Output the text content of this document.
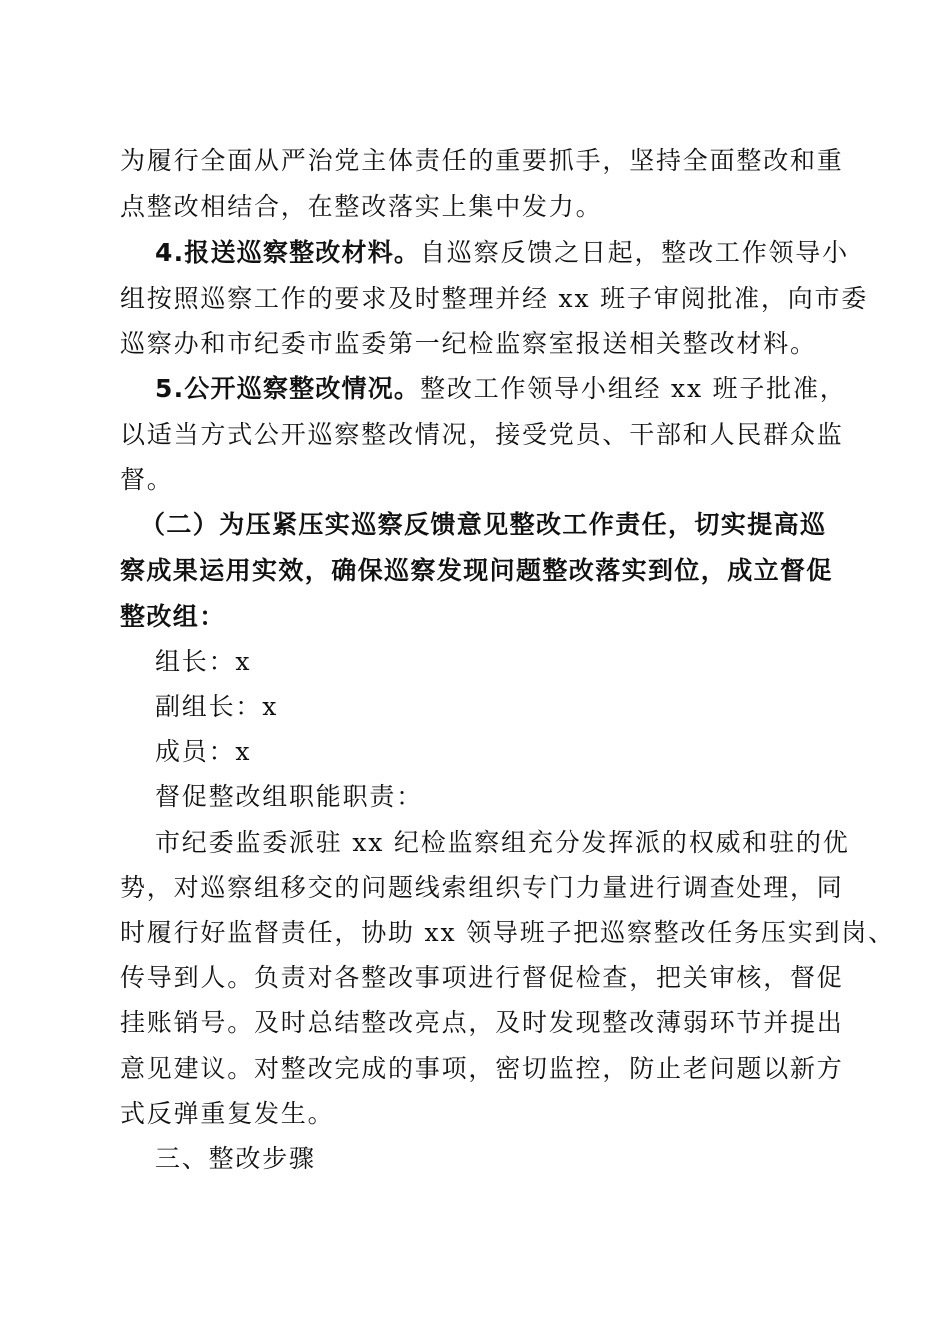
为履行全面从严治党主体责任的重要抓手，坚持全面整改和重
点整改相结合，在整改落实上集中发力。
4.报送巡察整改材料。自巡察反馈之日起，整改工作领导小
组按照巡察工作的要求及时整理并经 xx 班子审阅批准，向市委
巡察办和市纪委市监委第一纪检监察室报送相关整改材料。
5.公开巡察整改情况。整改工作领导小组经 xx 班子批准，
以适当方式公开巡察整改情况，接受党员、干部和人民群众监
督。
（二）为压紧压实巡察反馈意见整改工作责任，切实提高巡
察成果运用实效，确保巡察发现问题整改落实到位，成立督促
整改组：
组长：x
副组长：x
成员：x
督促整改组职能职责：
市纪委监委派驻 xx 纪检监察组充分发挥派的权威和驻的优
势，对巡察组移交的问题线索组织专门力量进行调查处理，同
时履行好监督责任，协助 xx 领导班子把巡察整改任务压实到岗、
传导到人。负责对各整改事项进行督促检查，把关审核，督促
挂账销号。及时总结整改亮点，及时发现整改薄弱环节并提出
意见建议。对整改完成的事项，密切监控，防止老问题以新方
式反弹重复发生。
三、整改步骤
